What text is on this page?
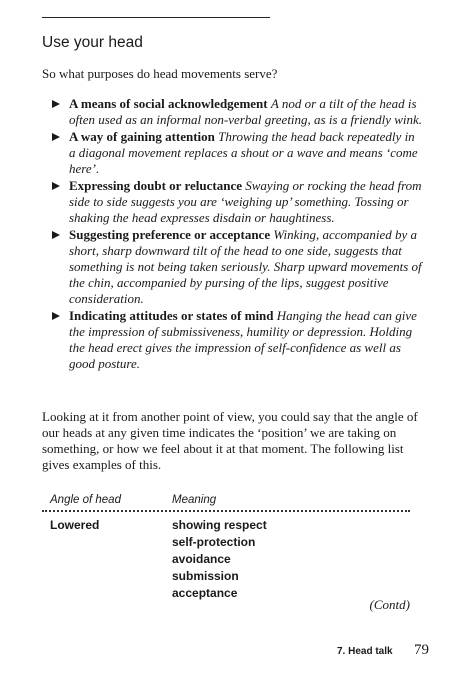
Use your head
So what purposes do head movements serve?
A means of social acknowledgement A nod or a tilt of the head is often used as an informal non-verbal greeting, as is a friendly wink.
A way of gaining attention Throwing the head back repeatedly in a diagonal movement replaces a shout or a wave and means ‘come here’.
Expressing doubt or reluctance Swaying or rocking the head from side to side suggests you are ‘weighing up’ something. Tossing or shaking the head expresses disdain or haughtiness.
Suggesting preference or acceptance Winking, accompanied by a short, sharp downward tilt of the head to one side, suggests that something is not being taken seriously. Sharp upward movements of the chin, accompanied by pursing of the lips, suggest positive consideration.
Indicating attitudes or states of mind Hanging the head can give the impression of submissiveness, humility or depression. Holding the head erect gives the impression of self-confidence as well as good posture.

Looking at it from another point of view, you could say that the angle of our heads at any given time indicates the ‘position’ we are taking on something, or how we feel about it at that moment. The following list gives examples of this.

Angle of head	Meaning
Lowered	showing respect
self-protection
avoidance
submission
acceptance
(Contd)
7. Head talk 79
